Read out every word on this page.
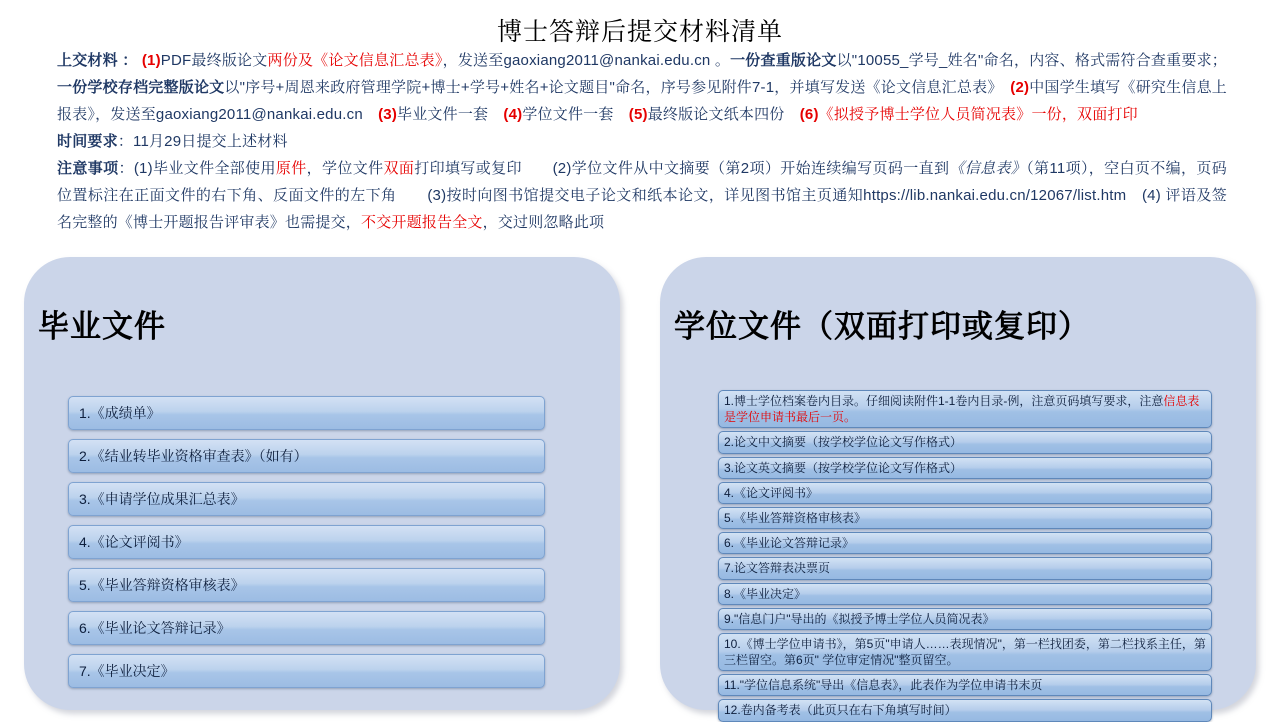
博士答辩后提交材料清单

上交材料 ： (1)PDF最终版论文两份及《论文信息汇总表》，发送至gaoxiang2011@nankai.edu.cn 。一份查重版论文以"10055_学号_姓名"命名，内容、格式需符合查重要求；一份学校存档完整版论文以"序号+周恩来政府管理学院+博士+学号+姓名+论文题目"命名，序号参见附件7-1，并填写发送《论文信息汇总表》　(2)中国学生填写《研究生信息上报表》，发送至gaoxiang2011@nankai.edu.cn　(3)毕业文件一套　(4)学位文件一套　(5)最终版论文纸本四份　(6)《拟授予博士学位人员简况表》一份，双面打印

时间要求：11月29日提交上述材料

注意事项：(1)毕业文件全部使用原件，学位文件双面打印填写或复印　　(2)学位文件从中文摘要（第2项）开始连续编写页码一直到《信息表》（第11项），空白页不编，页码位置标注在正面文件的右下角、反面文件的左下角　　(3)按时向图书馆提交电子论文和纸本论文，详见图书馆主页通知https://lib.nankai.edu.cn/12067/list.htm　(4) 评语及签名完整的《博士开题报告评审表》也需提交，不交开题报告全文，交过则忽略此项

毕业文件
1.《成绩单》
2.《结业转毕业资格审查表》（如有）
3.《申请学位成果汇总表》
4.《论文评阅书》
5.《毕业答辩资格审核表》
6.《毕业论文答辩记录》
7.《毕业决定》
学位文件（双面打印或复印）
1.博士学位档案卷内目录。仔细阅读附件1-1卷内目录-例，注意页码填写要求，注意信息表是学位申请书最后一页。
2.论文中文摘要（按学校学位论文写作格式）
3.论文英文摘要（按学校学位论文写作格式）
4.《论文评阅书》
5.《毕业答辩资格审核表》
6.《毕业论文答辩记录》
7.论文答辩表决票页
8.《毕业决定》
9."信息门户"导出的《拟授予博士学位人员简况表》
10.《博士学位申请书》，第5页"申请人……表现情况"，第一栏找团委，第二栏找系主任，第三栏留空。第6页" 学位审定情况"整页留空。
11."学位信息系统"导出《信息表》，此表作为学位申请书末页
12.卷内备考表（此页只在右下角填写时间）
